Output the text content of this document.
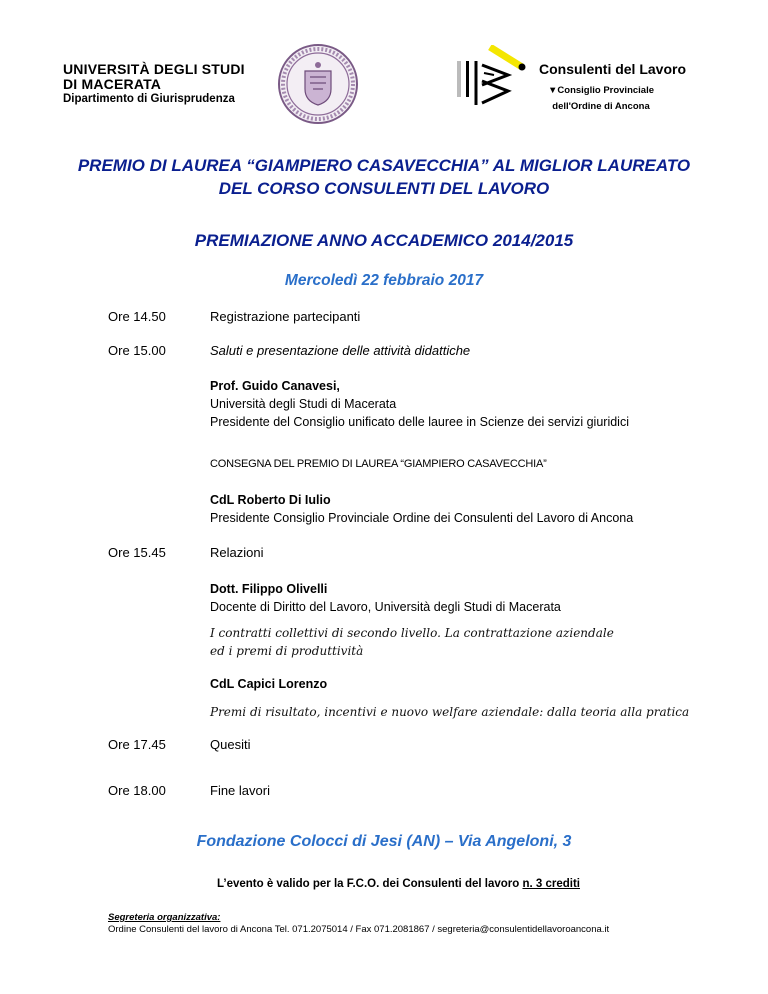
UNIVERSITÀ DEGLI STUDI
DI MACERATA
Dipartimento di Giurisprudenza
Consulenti del Lavoro
▼Consiglio Provinciale
dell'Ordine di Ancona
PREMIO DI LAUREA “GIAMPIERO CASAVECCHIA” AL MIGLIOR LAUREATO
DEL CORSO CONSULENTI DEL LAVORO
PREMIAZIONE ANNO ACCADEMICO 2014/2015
Mercoledì 22 febbraio 2017
Ore 14.50	Registrazione partecipanti
Ore 15.00	Saluti e presentazione delle attività didattiche
Prof. Guido Canavesi,
Università degli Studi di Macerata
Presidente del Consiglio unificato delle lauree in Scienze dei servizi giuridici
CONSEGNA DEL PREMIO DI LAUREA “GIAMPIERO CASAVECCHIA”
CdL Roberto Di Iulio
Presidente Consiglio Provinciale Ordine dei Consulenti del Lavoro di Ancona
Ore 15.45	Relazioni
Dott. Filippo Olivelli
Docente di Diritto del Lavoro, Università degli Studi di Macerata
I contratti collettivi di secondo livello. La contrattazione aziendale
ed i premi di produttività
CdL Capici Lorenzo
Premi di risultato, incentivi e nuovo welfare aziendale: dalla teoria alla pratica
Ore 17.45	Quesiti
Ore 18.00	Fine lavori
Fondazione Colocci di Jesi (AN) – Via Angeloni, 3
L’evento è valido per la F.C.O. dei Consulenti del lavoro n. 3 crediti
Segreteria organizzativa:
Ordine Consulenti del lavoro di Ancona Tel. 071.2075014 / Fax 071.2081867 / segreteria@consulentidellavoroancona.it
